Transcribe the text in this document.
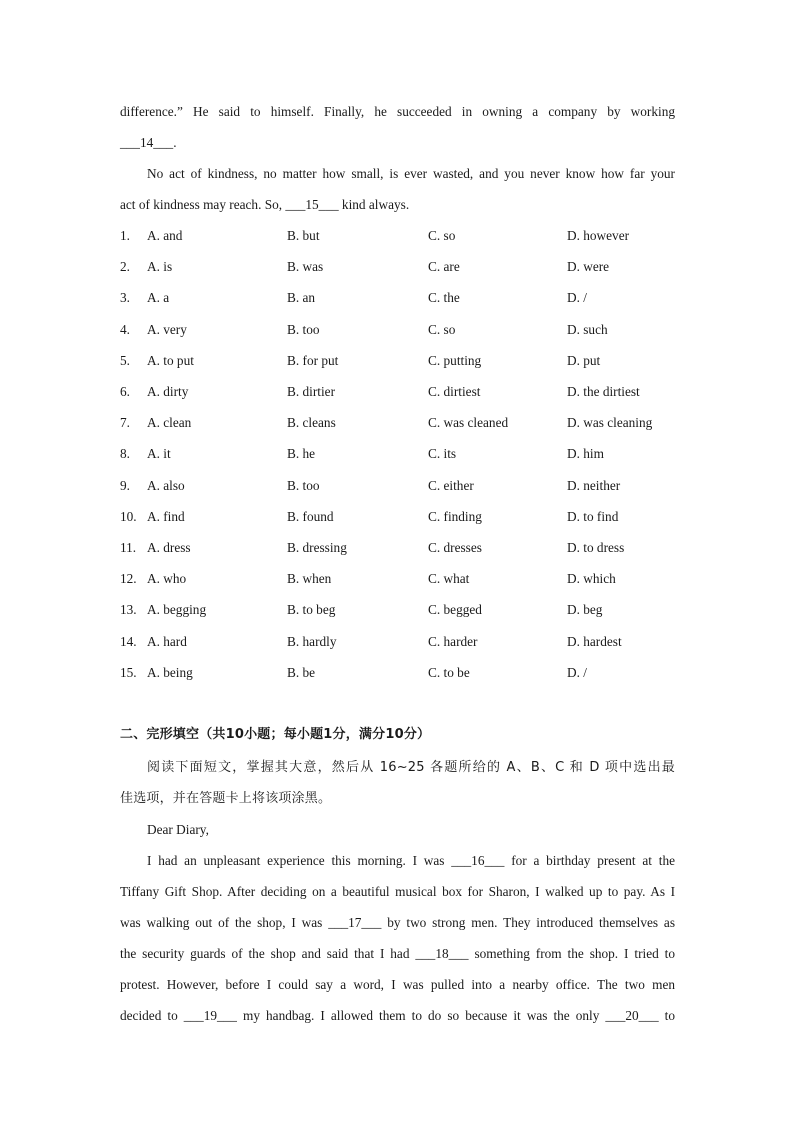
difference.” He said to himself. Finally, he succeeded in owning a company by working
___14___.
No act of kindness, no matter how small, is ever wasted, and you never know how far your
act of kindness may reach. So, ___15___ kind always.
1. A. and	B. but	C. so	D. however
2. A. is	B. was	C. are	D. were
3. A. a	B. an	C. the	D. /
4. A. very	B. too	C. so	D. such
5. A. to put	B. for put	C. putting	D. put
6. A. dirty	B. dirtier	C. dirtiest	D. the dirtiest
7. A. clean	B. cleans	C. was cleaned	D. was cleaning
8. A. it	B. he	C. its	D. him
9. A. also	B. too	C. either	D. neither
10. A. find	B. found	C. finding	D. to find
11. A. dress	B. dressing	C. dresses	D. to dress
12. A. who	B. when	C. what	D. which
13. A. begging	B. to beg	C. begged	D. beg
14. A. hard	B. hardly	C. harder	D. hardest
15. A. being	B. be	C. to be	D. /
二、完形填空（共10小题；每小题1分，满分10分）
阅读下面短文，掌握其大意，然后从 16~25 各题所给的 A、B、C 和 D 项中选出最
佳选项，并在答题卡上将该项涂黑。
Dear Diary,
I had an unpleasant experience this morning. I was ___16___ for a birthday present at the
Tiffany Gift Shop. After deciding on a beautiful musical box for Sharon, I walked up to pay. As I
was walking out of the shop, I was ___17___ by two strong men. They introduced themselves as
the security guards of the shop and said that I had ___18___ something from the shop. I tried to
protest. However, before I could say a word, I was pulled into a nearby office. The two men
decided to ___19___ my handbag. I allowed them to do so because it was the only ___20___ to
